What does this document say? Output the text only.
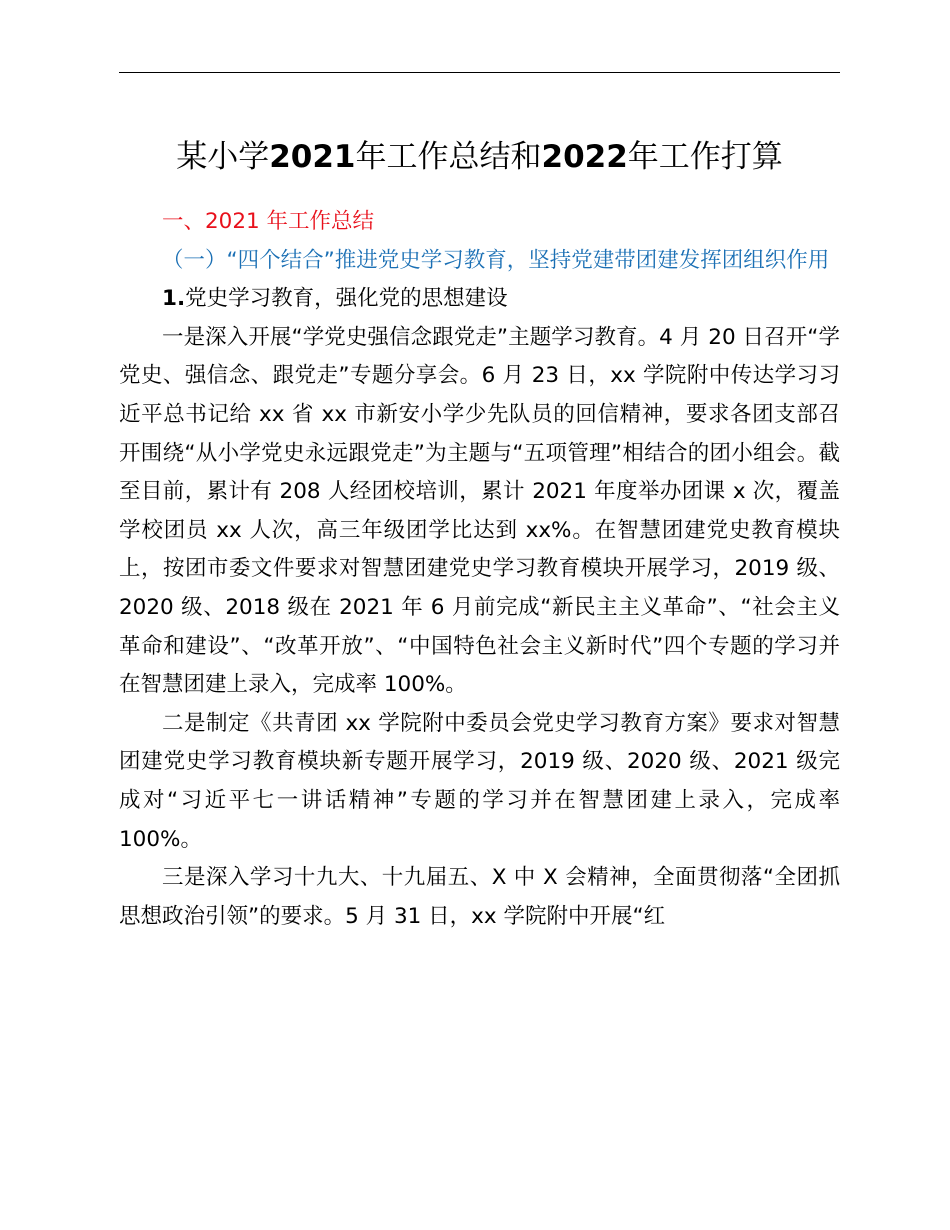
某小学2021年工作总结和2022年工作打算

一、2021 年工作总结

（一）“四个结合”推进党史学习教育，坚持党建带团建发挥团组织作用

1.党史学习教育，强化党的思想建设

一是深入开展“学党史强信念跟党走”主题学习教育。4 月 20 日召开“学党史、强信念、跟党走”专题分享会。6 月 23 日，xx 学院附中传达学习习近平总书记给 xx 省 xx 市新安小学少先队员的回信精神，要求各团支部召开围绕“从小学党史永远跟党走”为主题与“五项管理”相结合的团小组会。截至目前，累计有 208 人经团校培训，累计 2021 年度举办团课 x 次，覆盖学校团员 xx 人次，高三年级团学比达到 xx%。在智慧团建党史教育模块上，按团市委文件要求对智慧团建党史学习教育模块开展学习，2019 级、2020 级、2018 级在 2021 年 6 月前完成“新民主主义革命”、“社会主义革命和建设”、“改革开放”、“中国特色社会主义新时代”四个专题的学习并在智慧团建上录入，完成率 100%。

二是制定《共青团 xx 学院附中委员会党史学习教育方案》要求对智慧团建党史学习教育模块新专题开展学习，2019 级、2020 级、2021 级完成对“习近平七一讲话精神”专题的学习并在智慧团建上录入，完成率 100%。

三是深入学习十九大、十九届五、X 中 X 会精神，全面贯彻落“全团抓思想政治引领”的要求。5 月 31 日，xx 学院附中开展“红
